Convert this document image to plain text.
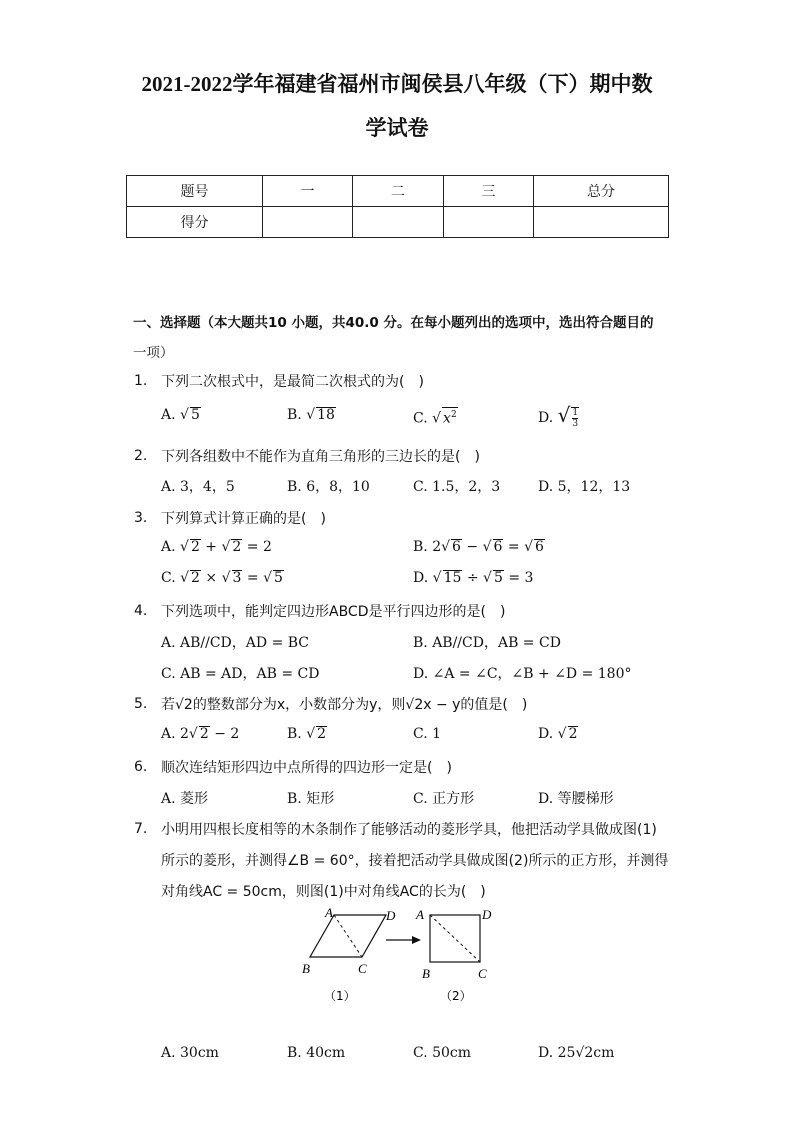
2021-2022学年福建省福州市闽侯县八年级（下）期中数
学试卷
题号	一	二	三	总分
得分				
一、选择题（本大题共10 小题，共40.0 分。在每小题列出的选项中，选出符合题目的
一项）
1. 下列二次根式中，是最简二次根式的为(　)
A. √ 5	B. √ 18	C. √ $x^2$	D. √ 1

3
2. 下列各组数中不能作为直角三角形的三边长的是(　)
A. 3，4，5	B. 6，8，10	C. 1.5，2，3	D. 5，12，13
3. 下列算式计算正确的是(　)
A. √ 2 + √ 2 = 2	B. 2√ 6 − √ 6 = √ 6
C. √ 2 × √ 3 = √ 5	D. √ 15 ÷ √ 5 = 3
4. 下列选项中，能判定四边形ABCD是平行四边形的是(　)
A. AB//CD，AD = BC	B. AB//CD，AB = CD
C. AB = AD，AB = CD	D. ∠A = ∠C，∠B + ∠D = 180°
5. 若√2的整数部分为x，小数部分为y，则√2x − y的值是(　)
A. 2√ 2 − 2	B. √ 2	C. 1	D. √ 2
6. 顺次连结矩形四边中点所得的四边形一定是(　)
A. 菱形	B. 矩形	C. 正方形	D. 等腰梯形
7. 小明用四根长度相等的木条制作了能够活动的菱形学具，他把活动学具做成图(1)
所示的菱形，并测得∠B = 60°，接着把活动学具做成图(2)所示的正方形，并测得
对角线AC = 50cm，则图(1)中对角线AC的长为(　)
A	D
B	C
A	D
B	C
（1）	（2）
A. 30cm	B. 40cm	C. 50cm	D. 25√2cm
